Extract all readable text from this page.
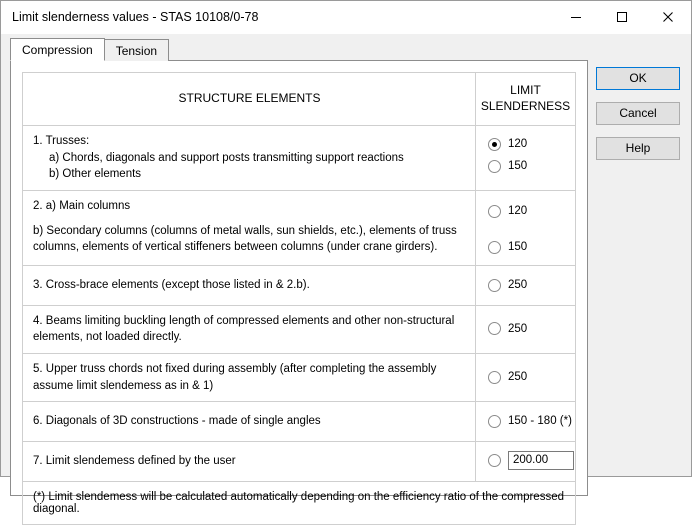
Limit slenderness values - STAS 10108/0-78
Compression Tension
STRUCTURE ELEMENTS
LIMIT
SLENDERNESS
1. Trusses:
a) Chords, diagonals and support posts transmitting support reactions
b) Other elements
120
150
2. a) Main columns
b) Secondary columns (columns of metal walls, sun shields, etc.), elements of truss columns, elements of vertical stiffeners between columns (under crane girders).
120
150
3. Cross-brace elements (except those listed in & 2.b).	250
4. Beams limiting buckling length of compressed elements and other non-structural elements, not loaded directly.
250
5. Upper truss chords not fixed during assembly (after completing the assembly assume limit slendemess as in & 1)
250
6. Diagonals of 3D constructions - made of single angles	150 - 180 (*)
7. Limit slendemess defined by the user
200.00
(*) Limit slendemess will be calculated automatically depending on the efficiency ratio of the compressed diagonal.
OK
Cancel
Help
